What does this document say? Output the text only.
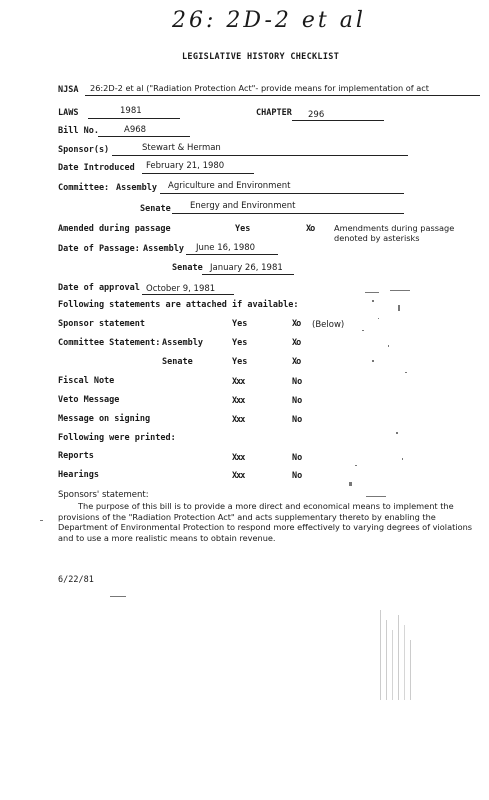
26: 2D-2 et al
LEGISLATIVE HISTORY CHECKLIST
NJSA 26:2D-2 et al ("Radiation Protection Act"- provide means for implementation of act
LAWS	1981	CHAPTER 296
Bill No.	A968
Sponsor(s)	Stewart & Herman
Date Introduced February 21, 1980
Committee: Assembly Agriculture and Environment
Senate Energy and Environment
Amended during passage	Yes	Xo Amendments during passage denoted by asterisks
Date of Passage: Assembly June 16, 1980
Senate January 26, 1981
Date of approval October 9, 1981
Following statements are attached if available:
Sponsor statement	Yes	Xo (Below)
Committee Statement: Assembly	Yes	Xo
Senate	Yes	Xo
Fiscal Note	Xxx	No
Veto Message	Xxx	No
Message on signing	Xxx	No
Following were printed:
Reports	Xxx	No
Hearings	Xxx	No
Sponsors' statement:
The purpose of this bill is to provide a more direct and economical means to implement the provisions of the "Radiation Protection Act" and acts supplementary thereto by enabling the Department of Environmental Protection to respond more effectively to varying degrees of violations and to use a more realistic means to obtain revenue.
6/22/81
